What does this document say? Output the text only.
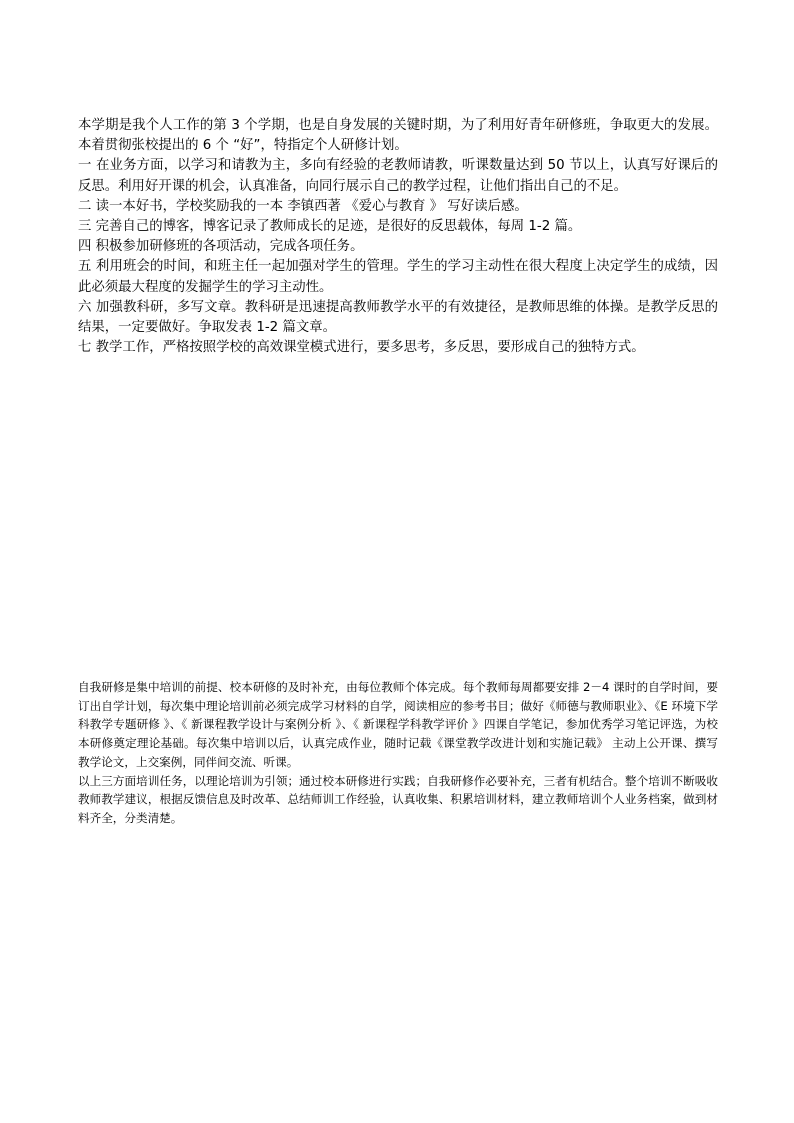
本学期是我个人工作的第 3 个学期，也是自身发展的关键时期，为了利用好青年研修班，争取更大的发展。本着贯彻张校提出的 6 个 “好”，特指定个人研修计划。

一 在业务方面，以学习和请教为主，多向有经验的老教师请教，听课数量达到 50 节以上，认真写好课后的反思。利用好开课的机会，认真准备，向同行展示自己的教学过程，让他们指出自己的不足。

二 读一本好书，学校奖励我的一本 李镇西著 《爱心与教育 》 写好读后感。

三 完善自己的博客，博客记录了教师成长的足迹，是很好的反思载体，每周 1-2 篇。

四 积极参加研修班的各项活动，完成各项任务。

五 利用班会的时间，和班主任一起加强对学生的管理。学生的学习主动性在很大程度上决定学生的成绩，因此必须最大程度的发掘学生的学习主动性。

六 加强教科研，多写文章。教科研是迅速提高教师教学水平的有效捷径，是教师思维的体操。是教学反思的结果，一定要做好。争取发表 1-2 篇文章。

七 教学工作，严格按照学校的高效课堂模式进行，要多思考，多反思，要形成自己的独特方式。

自我研修是集中培训的前提、校本研修的及时补充，由每位教师个体完成。每个教师每周都要安排 2－4 课时的自学时间，要订出自学计划，每次集中理论培训前必须完成学习材料的自学，阅读相应的参考书目；做好《师德与教师职业》、《E 环境下学科教学专题研修 》、《 新课程教学设计与案例分析 》、《 新课程学科教学评价 》四课自学笔记，参加优秀学习笔记评选，为校本研修奠定理论基础。每次集中培训以后，认真完成作业，随时记载《课堂教学改进计划和实施记载》 主动上公开课、撰写教学论文，上交案例，同伴间交流、听课。

以上三方面培训任务，以理论培训为引领；通过校本研修进行实践；自我研修作必要补充，三者有机结合。整个培训不断吸收教师教学建议，根据反馈信息及时改革、总结师训工作经验，认真收集、积累培训材料，建立教师培训个人业务档案，做到材料齐全，分类清楚。
